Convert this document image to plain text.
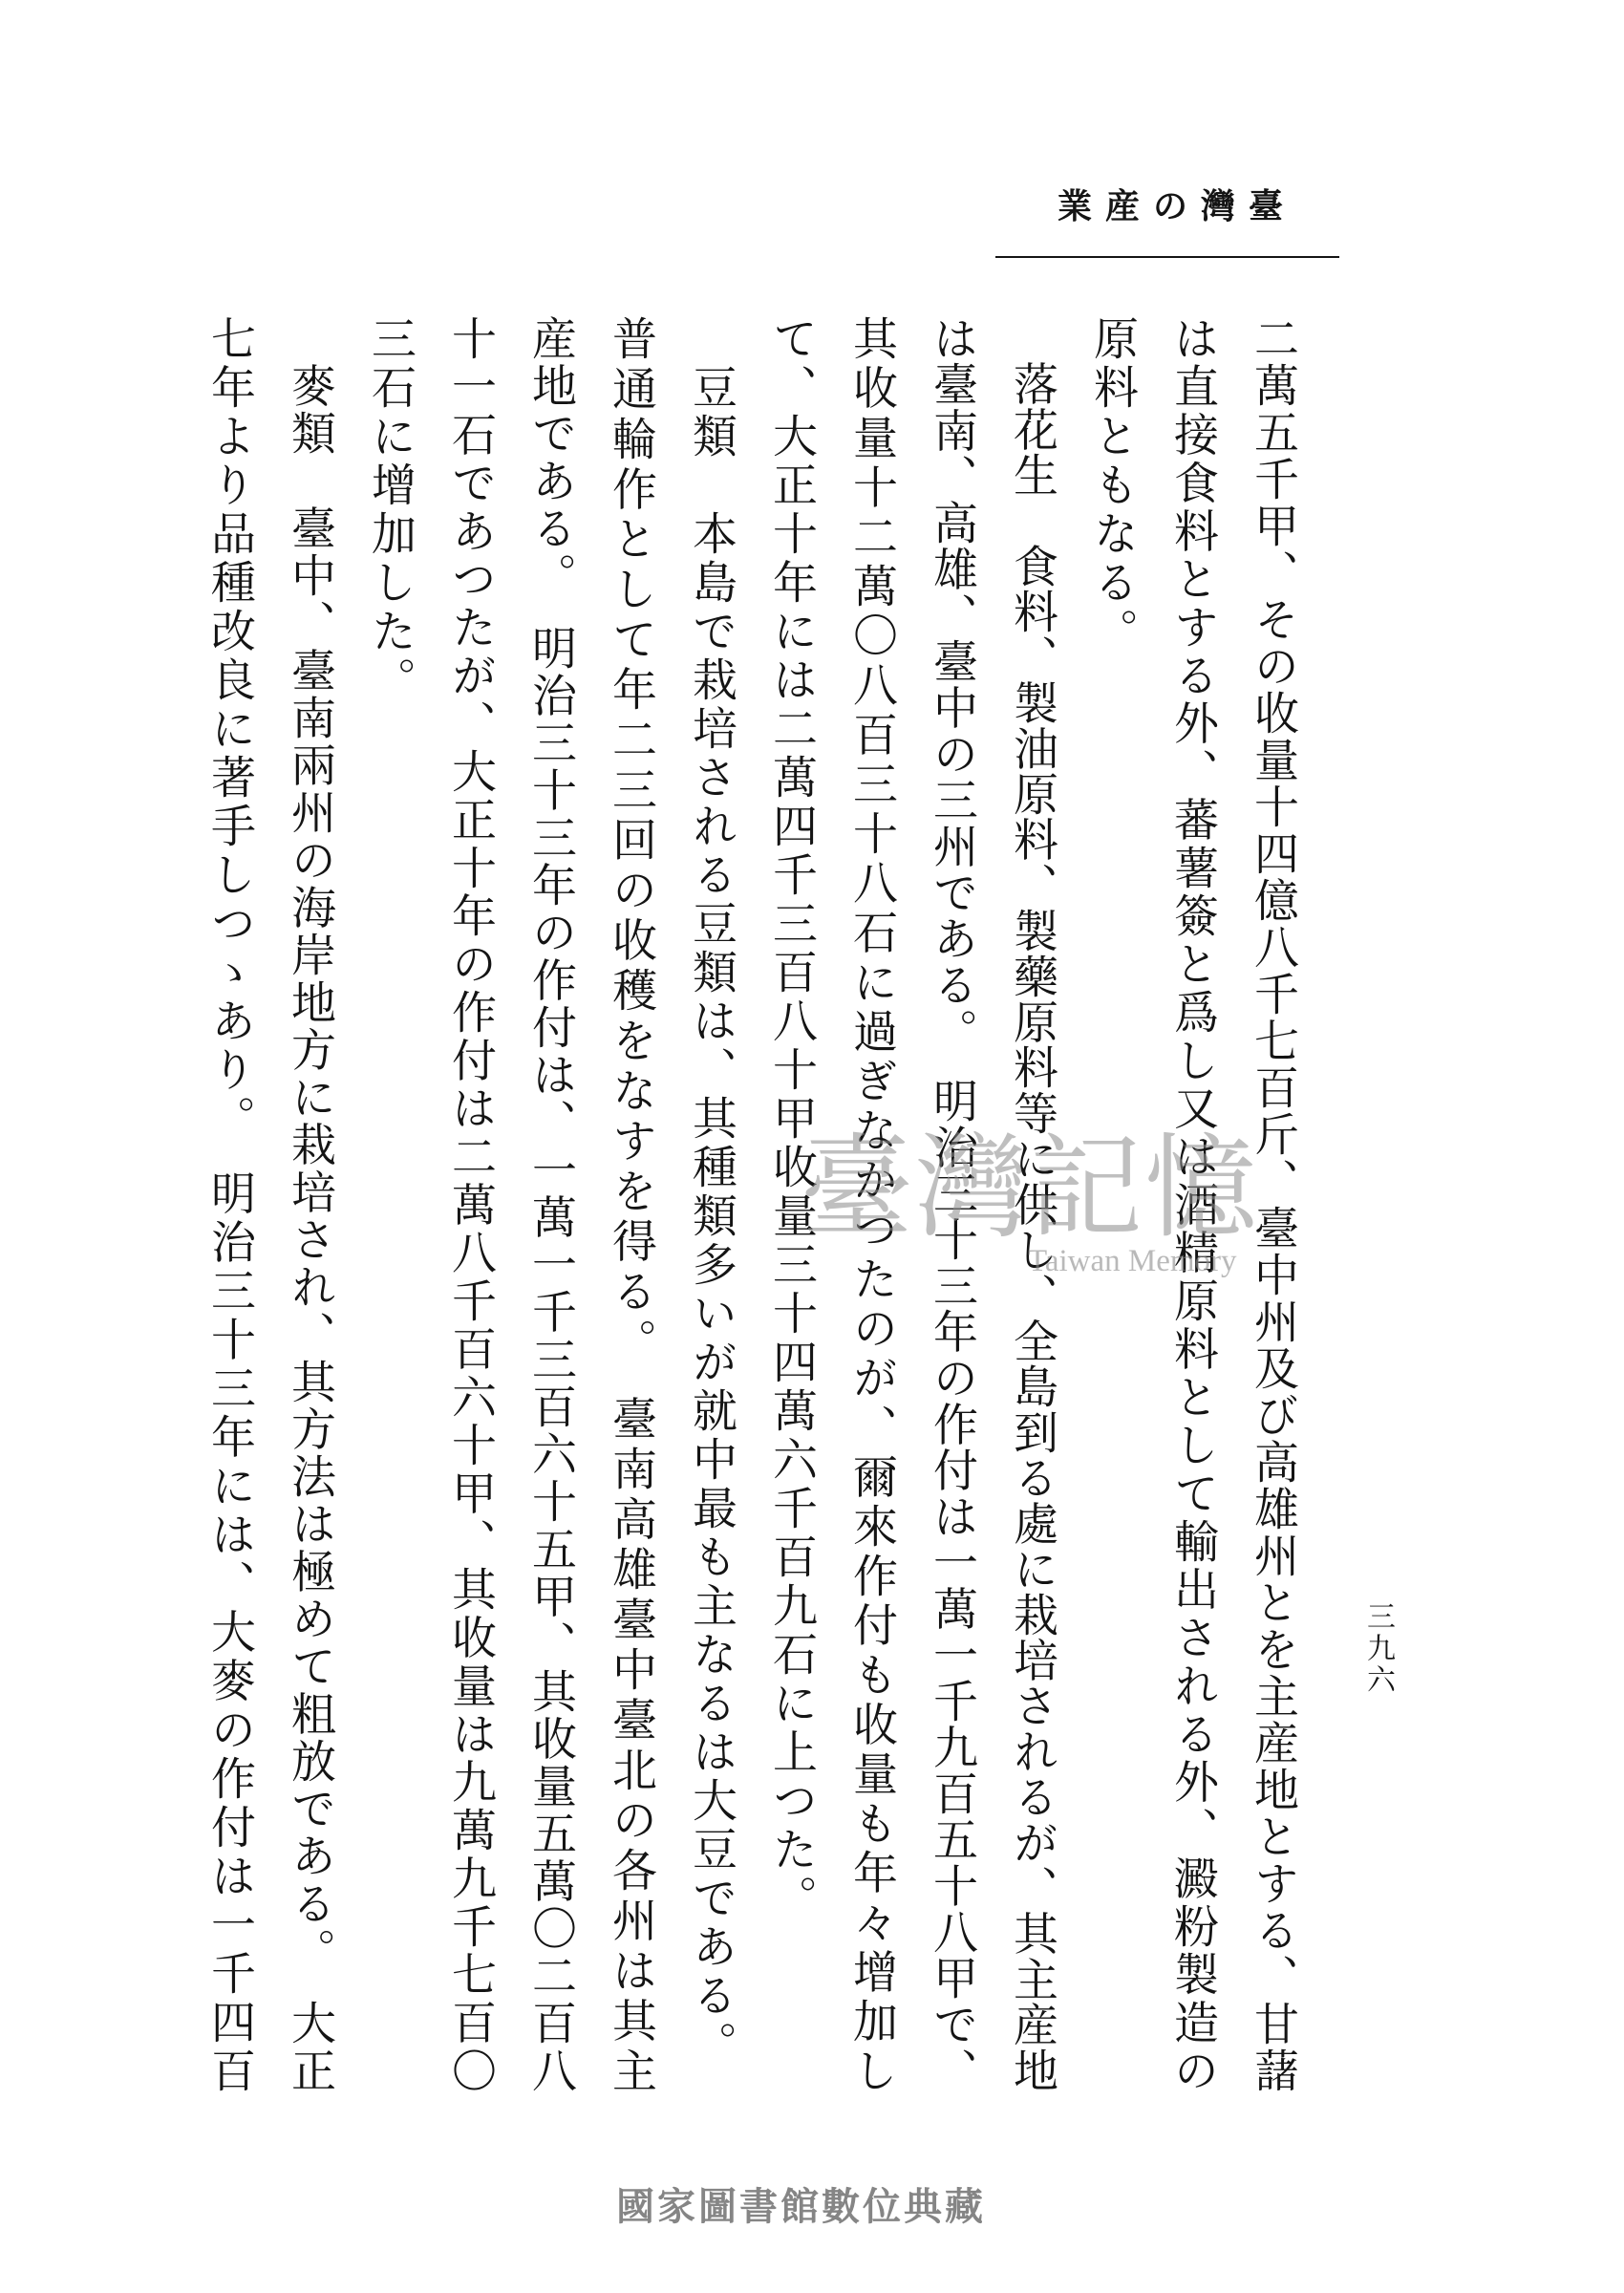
臺灣の産業
三九六
二萬五千甲、その收量十四億八千七百斤、臺中州及び高雄州とを主産地とする、甘藷
は直接食料とする外、蕃薯簽と爲し又は酒精原料として輸出される外、澱粉製造の
原料ともなる。
　落花生　食料、製油原料、製藥原料等に供し、全島到る處に栽培されるが、其主産地
は臺南、高雄、臺中の三州である。　明治三十三年の作付は一萬一千九百五十八甲で、
其收量十二萬〇八百三十八石に過ぎなかつたのが、爾來作付も收量も年々增加し
て、大正十年には二萬四千三百八十甲收量三十四萬六千百九石に上つた。
　豆類　本島で栽培される豆類は、其種類多いが就中最も主なるは大豆である。
普通輪作として年二三回の收穫をなすを得る。　臺南高雄臺中臺北の各州は其主
産地である。　明治三十三年の作付は、一萬一千三百六十五甲、其收量五萬〇二百八
十一石であつたが、大正十年の作付は二萬八千百六十甲、其收量は九萬九千七百〇
三石に增加した。
　麥類　臺中、臺南兩州の海岸地方に栽培され、其方法は極めて粗放である。　大正
七年より品種改良に著手しつゝあり。　明治三十三年には、大麥の作付は一千四百	臺灣記憶
Taiwan Memory
國家圖書館數位典藏
